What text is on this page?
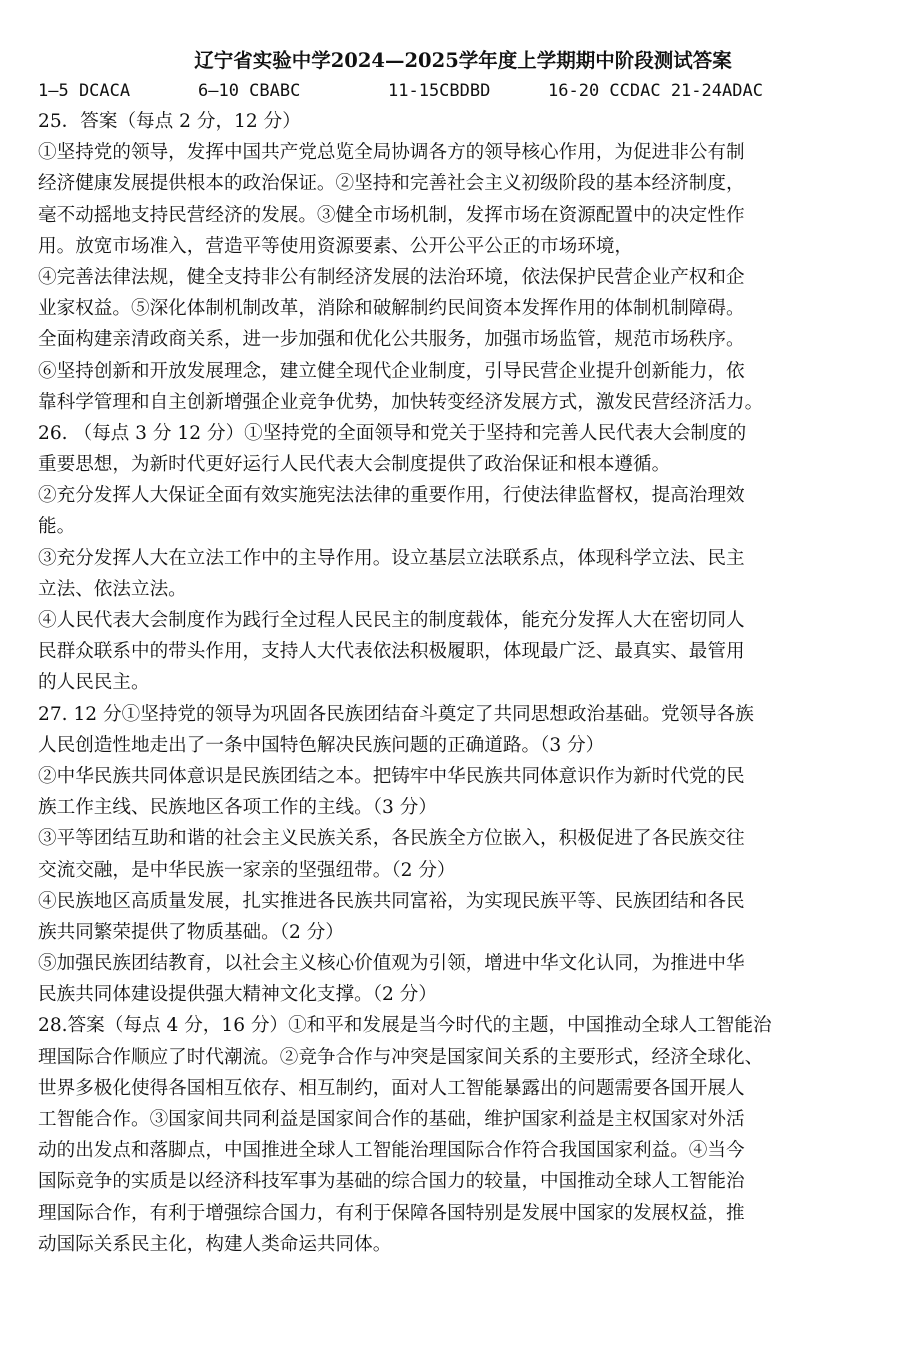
辽宁省实验中学2024—2025学年度上学期期中阶段测试答案
1—5 DCACA	6—10 CBABC	11-15CBDBD	16-20 CCDAC 21-24ADAC

25．答案（每点 2 分，12 分）

①坚持党的领导，发挥中国共产党总览全局协调各方的领导核心作用，为促进非公有制

经济健康发展提供根本的政治保证。②坚持和完善社会主义初级阶段的基本经济制度，

毫不动摇地支持民营经济的发展。③健全市场机制，发挥市场在资源配置中的决定性作

用。放宽市场准入，营造平等使用资源要素、公开公平公正的市场环境，

④完善法律法规，健全支持非公有制经济发展的法治环境，依法保护民营企业产权和企

业家权益。⑤深化体制机制改革，消除和破解制约民间资本发挥作用的体制机制障碍。

全面构建亲清政商关系，进一步加强和优化公共服务，加强市场监管，规范市场秩序。

⑥坚持创新和开放发展理念，建立健全现代企业制度，引导民营企业提升创新能力，依

靠科学管理和自主创新增强企业竞争优势，加快转变经济发展方式，激发民营经济活力。

26. （每点 3 分 12 分）①坚持党的全面领导和党关于坚持和完善人民代表大会制度的

重要思想，为新时代更好运行人民代表大会制度提供了政治保证和根本遵循。

②充分发挥人大保证全面有效实施宪法法律的重要作用，行使法律监督权，提高治理效

能。

③充分发挥人大在立法工作中的主导作用。设立基层立法联系点，体现科学立法、民主

立法、依法立法。

④人民代表大会制度作为践行全过程人民民主的制度载体，能充分发挥人大在密切同人

民群众联系中的带头作用，支持人大代表依法积极履职，体现最广泛、最真实、最管用

的人民民主。

27. 12 分①坚持党的领导为巩固各民族团结奋斗奠定了共同思想政治基础。党领导各族

人民创造性地走出了一条中国特色解决民族问题的正确道路。（3 分）

②中华民族共同体意识是民族团结之本。把铸牢中华民族共同体意识作为新时代党的民

族工作主线、民族地区各项工作的主线。（3 分）

③平等团结互助和谐的社会主义民族关系，各民族全方位嵌入，积极促进了各民族交往

交流交融，是中华民族一家亲的坚强纽带。（2 分）

④民族地区高质量发展，扎实推进各民族共同富裕，为实现民族平等、民族团结和各民

族共同繁荣提供了物质基础。（2 分）

⑤加强民族团结教育，以社会主义核心价值观为引领，增进中华文化认同，为推进中华

民族共同体建设提供强大精神文化支撑。（2 分）

28.答案（每点 4 分，16 分）①和平和发展是当今时代的主题，中国推动全球人工智能治

理国际合作顺应了时代潮流。②竞争合作与冲突是国家间关系的主要形式，经济全球化、

世界多极化使得各国相互依存、相互制约，面对人工智能暴露出的问题需要各国开展人

工智能合作。③国家间共同利益是国家间合作的基础，维护国家利益是主权国家对外活

动的出发点和落脚点，中国推进全球人工智能治理国际合作符合我国国家利益。④当今

国际竞争的实质是以经济科技军事为基础的综合国力的较量，中国推动全球人工智能治

理国际合作，有利于增强综合国力，有利于保障各国特别是发展中国家的发展权益，推

动国际关系民主化，构建人类命运共同体。
